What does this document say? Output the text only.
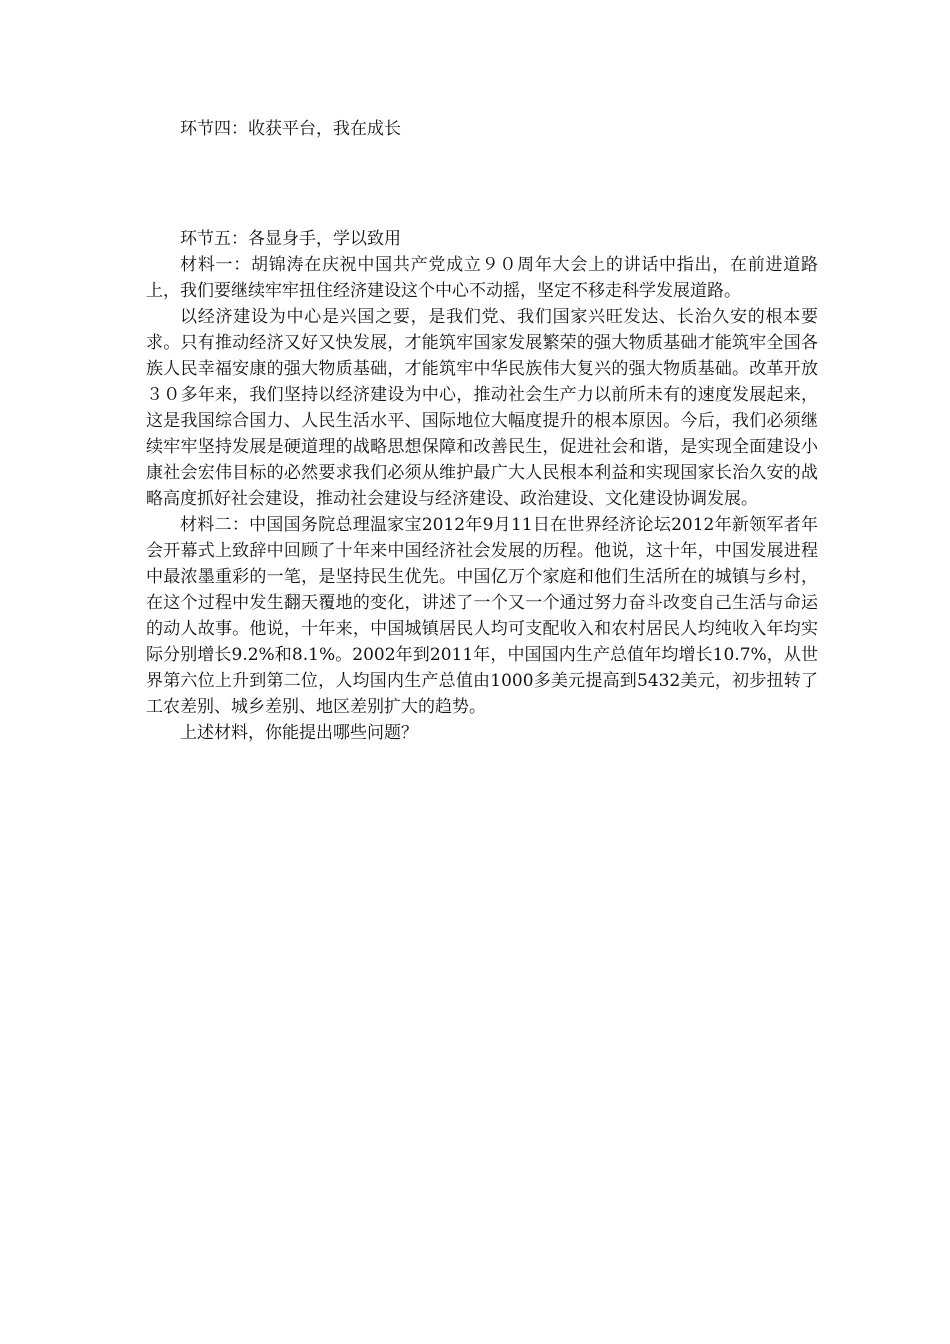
环节四：收获平台，我在成长
环节五：各显身手，学以致用

材料一：胡锦涛在庆祝中国共产党成立９０周年大会上的讲话中指出，在前进道路上，我们要继续牢牢扭住经济建设这个中心不动摇，坚定不移走科学发展道路。

以经济建设为中心是兴国之要，是我们党、我们国家兴旺发达、长治久安的根本要求。只有推动经济又好又快发展，才能筑牢国家发展繁荣的强大物质基础才能筑牢全国各族人民幸福安康的强大物质基础，才能筑牢中华民族伟大复兴的强大物质基础。改革开放３０多年来，我们坚持以经济建设为中心，推动社会生产力以前所未有的速度发展起来，这是我国综合国力、人民生活水平、国际地位大幅度提升的根本原因。今后，我们必须继续牢牢坚持发展是硬道理的战略思想保障和改善民生，促进社会和谐，是实现全面建设小康社会宏伟目标的必然要求我们必须从维护最广大人民根本利益和实现国家长治久安的战略高度抓好社会建设，推动社会建设与经济建设、政治建设、文化建设协调发展。

材料二：中国国务院总理温家宝2012年9月11日在世界经济论坛2012年新领军者年会开幕式上致辞中回顾了十年来中国经济社会发展的历程。他说，这十年，中国发展进程中最浓墨重彩的一笔，是坚持民生优先。中国亿万个家庭和他们生活所在的城镇与乡村，在这个过程中发生翻天覆地的变化，讲述了一个又一个通过努力奋斗改变自己生活与命运的动人故事。他说，十年来，中国城镇居民人均可支配收入和农村居民人均纯收入年均实际分别增长9.2%和8.1%。2002年到2011年，中国国内生产总值年均增长10.7%，从世界第六位上升到第二位，人均国内生产总值由1000多美元提高到5432美元，初步扭转了工农差别、城乡差别、地区差别扩大的趋势。

上述材料，你能提出哪些问题？
